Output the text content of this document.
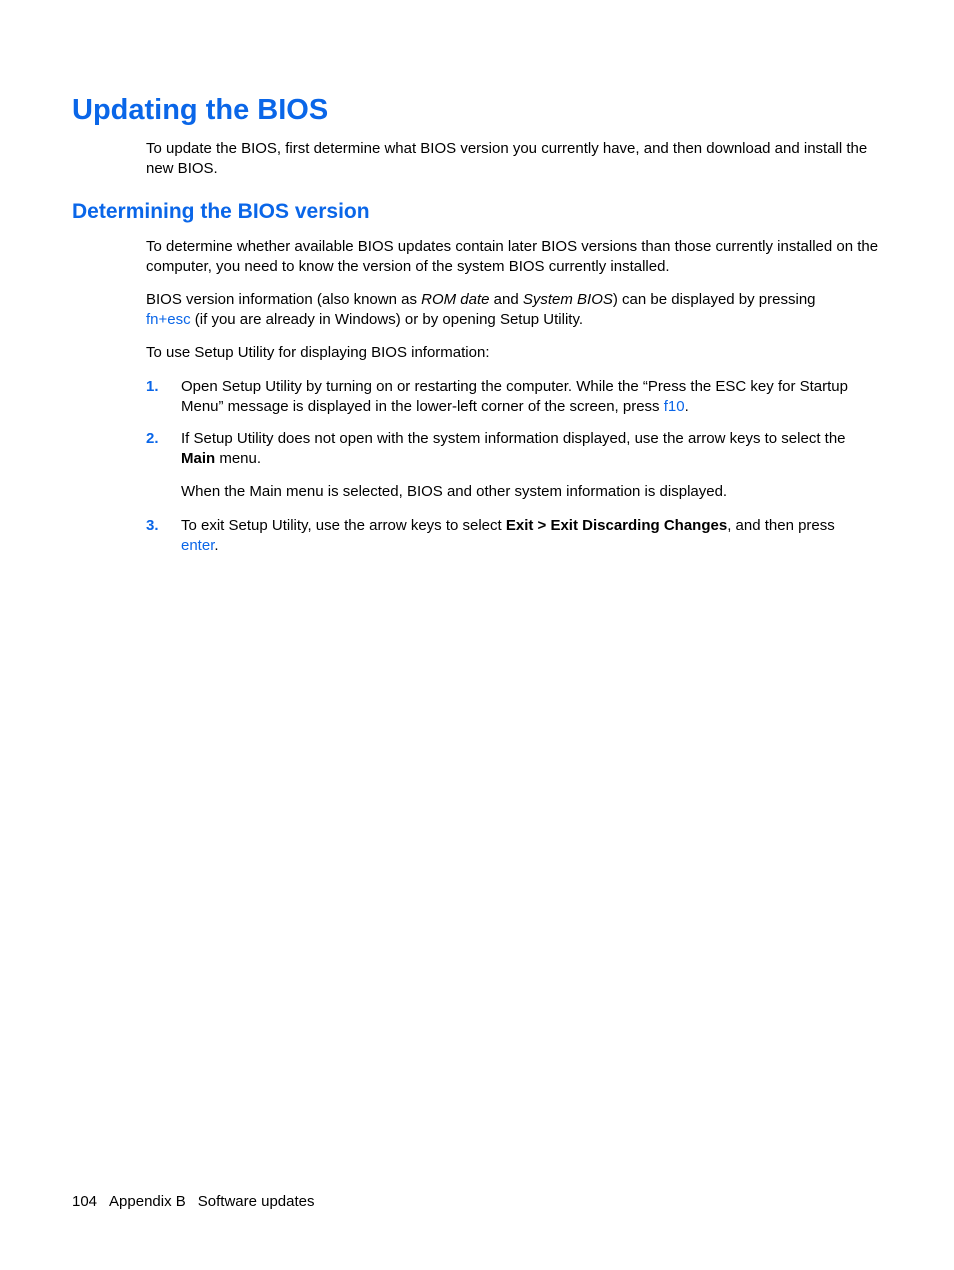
Updating the BIOS

To update the BIOS, first determine what BIOS version you currently have, and then download and install the new BIOS.

Determining the BIOS version

To determine whether available BIOS updates contain later BIOS versions than those currently installed on the computer, you need to know the version of the system BIOS currently installed.

BIOS version information (also known as ROM date and System BIOS) can be displayed by pressing
fn+esc (if you are already in Windows) or by opening Setup Utility.

To use Setup Utility for displaying BIOS information:

1. Open Setup Utility by turning on or restarting the computer. While the “Press the ESC key for Startup Menu” message is displayed in the lower-left corner of the screen, press f10.
2. If Setup Utility does not open with the system information displayed, use the arrow keys to select the Main menu.
When the Main menu is selected, BIOS and other system information is displayed.
3. To exit Setup Utility, use the arrow keys to select Exit > Exit Discarding Changes, and then press
enter.
104 Appendix B Software updates
